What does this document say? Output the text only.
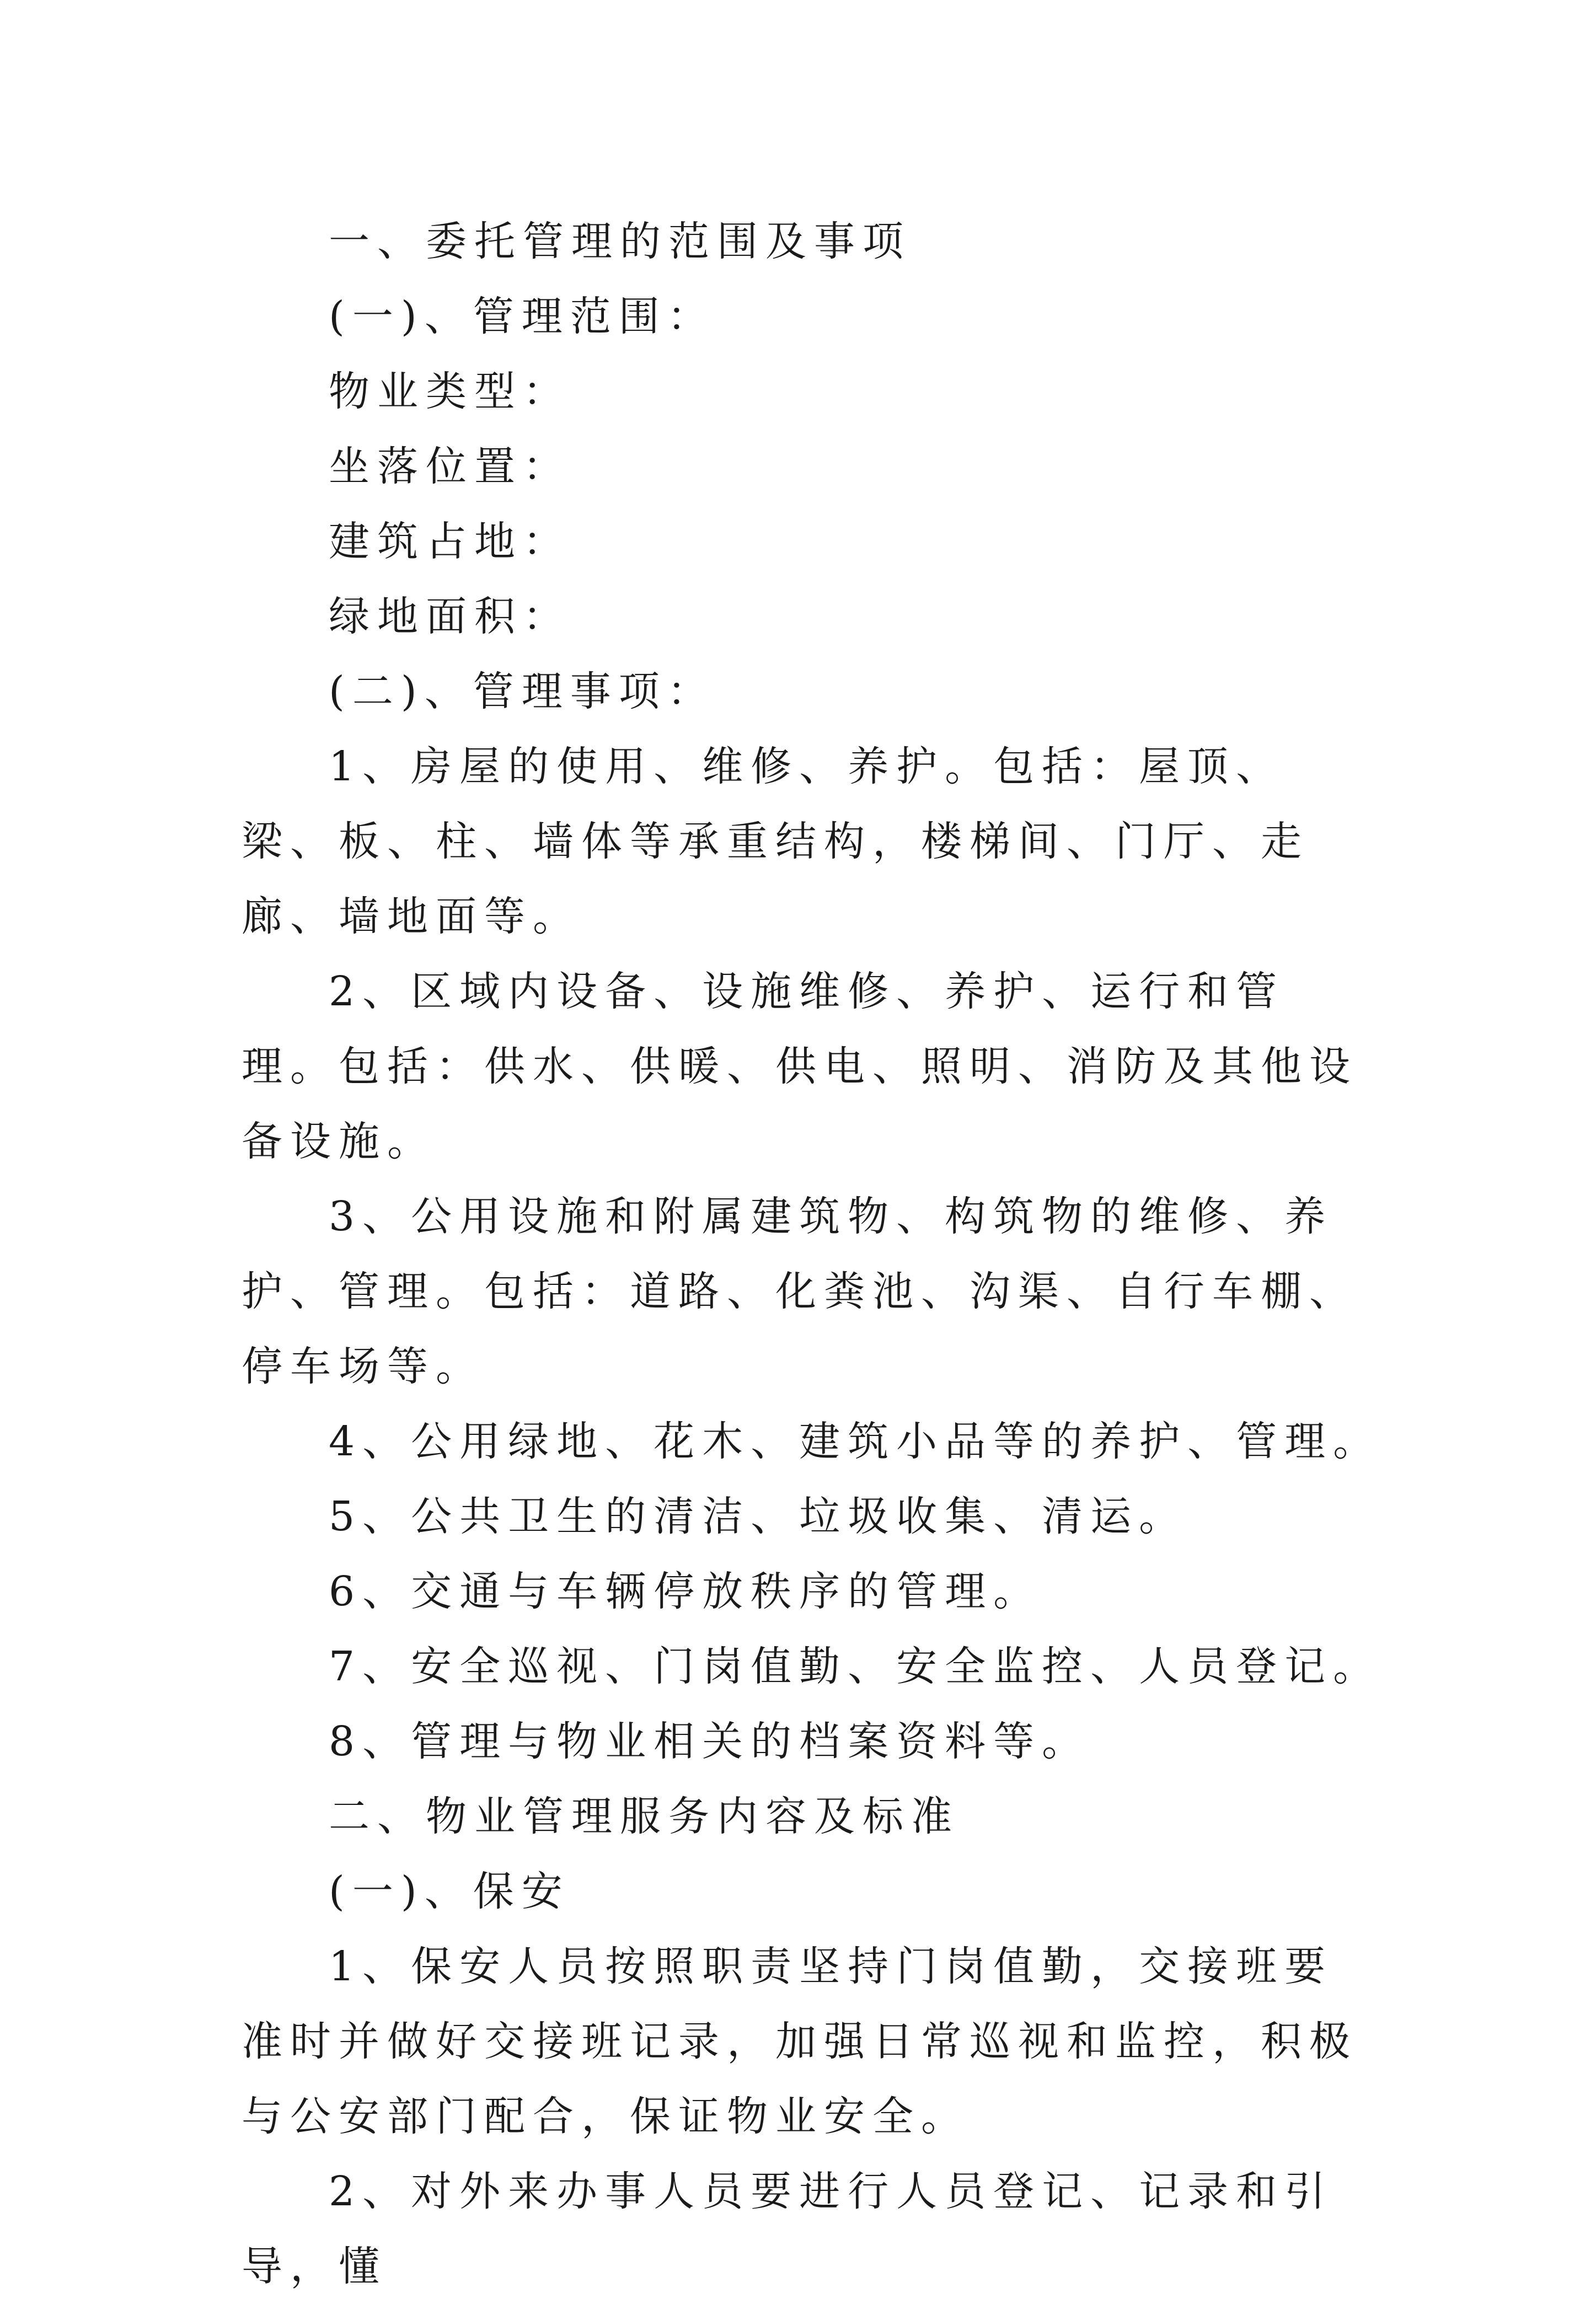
一、委托管理的范围及事项

(一)、管理范围：

物业类型：

坐落位置：

建筑占地：

绿地面积：

(二)、管理事项：

1、房屋的使用、维修、养护。包括：屋顶、梁、板、柱、墙体等承重结构，楼梯间、门厅、走廊、墙地面等。

2、区域内设备、设施维修、养护、运行和管理。包括：供水、供暖、供电、照明、消防及其他设备设施。

3、公用设施和附属建筑物、构筑物的维修、养护、管理。包括：道路、化粪池、沟渠、自行车棚、停车场等。

4、公用绿地、花木、建筑小品等的养护、管理。

5、公共卫生的清洁、垃圾收集、清运。

6、交通与车辆停放秩序的管理。

7、安全巡视、门岗值勤、安全监控、人员登记。

8、管理与物业相关的档案资料等。

二、物业管理服务内容及标准

(一)、保安

1、保安人员按照职责坚持门岗值勤，交接班要准时并做好交接班记录，加强日常巡视和监控，积极与公安部门配合，保证物业安全。

2、对外来办事人员要进行人员登记、记录和引导，懂
